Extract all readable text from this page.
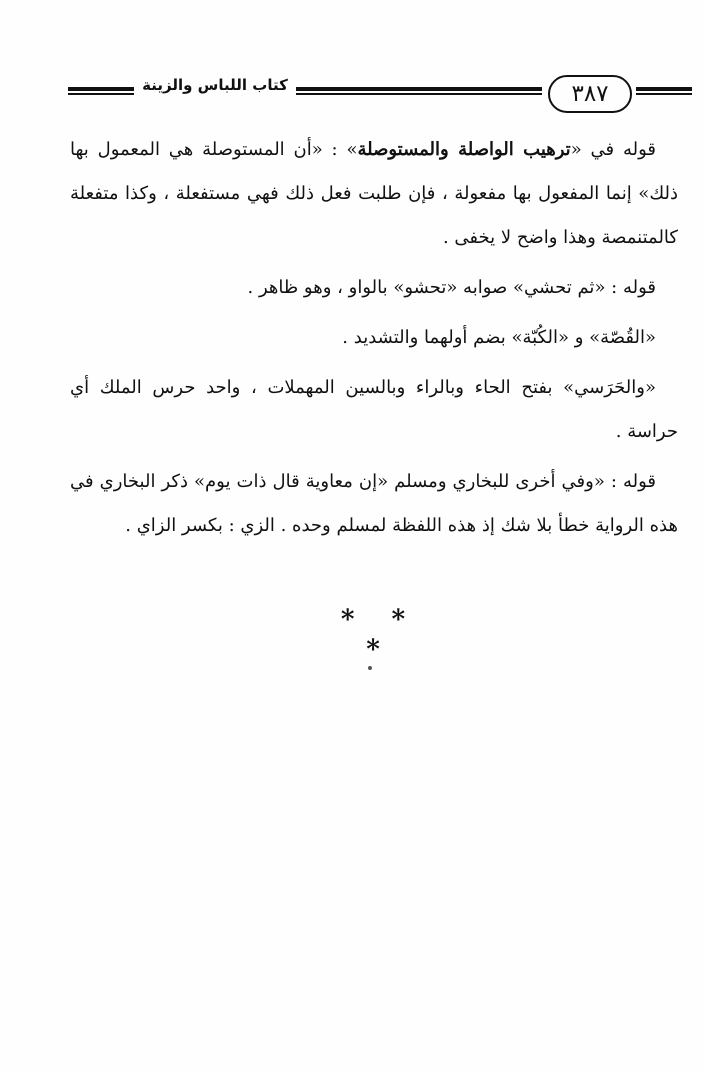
كتاب اللباس والزينة	٣٨٧

قوله في «ترهيب الواصلة والمستوصلة» : «أن المستوصلة هي المعمول بها ذلك» إنما المفعول بها مفعولة ، فإن طلبت فعل ذلك فهي مستفعلة ، وكذا متفعلة كالمتنمصة وهذا واضح لا يخفى .

قوله : «ثم تحشي» صوابه «تحشو» بالواو ، وهو ظاهر .

«القُصّة» و «الكُبّة» بضم أولهما والتشديد .

«والحَرَسي» بفتح الحاء وبالراء وبالسين المهملات ، واحد حرس الملك أي حراسة .

قوله : «وفي أخرى للبخاري ومسلم «إن معاوية قال ذات يوم» ذكر البخاري في هذه الرواية خطأ بلا شك إذ هذه اللفظة لمسلم وحده . الزي : بكسر الزاي .

* * *
